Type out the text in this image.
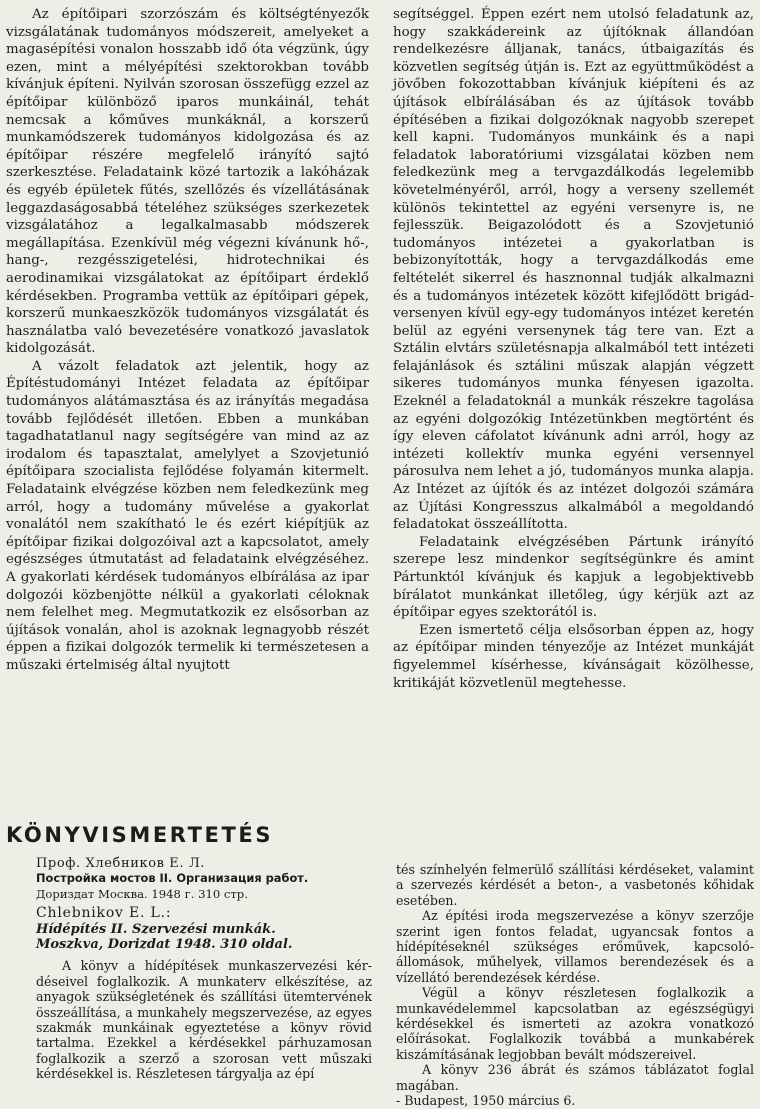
Az építőipari szorzószám és költségtényezők vizsgálatának tudományos módszereit, amelyeket a magasépítési vonalon hosszabb idő óta végzünk, úgy ezen, mint a mélyépítési szektorokban tovább kívánjuk építeni. Nyilván szorosan összefügg ezzel az építőipar különböző iparos munkáinál, tehát nemcsak a kőműves munkáknál, a korszerű munkamódszerek tudományos kidolgozása és az építőipar részére megfelelő irányító sajtó szerkesztése. Feladataink közé tartozik a lakóházak és egyéb épületek fűtés, szellőzés és vízellátásának leggazdaságosabbá tételéhez szükséges szerkezetek vizsgálatához a legalkalmasabb módszerek megállapítása. Ezenkívül még végezni kívánunk hő-, hang-, rezgésszigetelési, hidrotechnikai és aerodinamikai vizsgálatokat az építőipart érdeklő kérdésekben. Programba vettük az építőipari gépek, korszerű munkaeszközök tudományos vizsgálatát és használatba való bevezetésére vonatkozó javaslatok kidolgozását.

A vázolt feladatok azt jelentik, hogy az Építéstudományi Intézet feladata az építőipar tudományos alátámasztása és az irányítás megadása tovább fejlődését illetően. Ebben a munkában tagadhatatlanul nagy segítségére van mind az az irodalom és tapasztalat, amelylyet a Szovjetunió építőipara szocialista fejlődése folyamán kitermelt. Feladataink elvégzése közben nem feledkezünk meg arról, hogy a tudomány művelése a gyakorlat vonalától nem szakítható le és ezért kiépítjük az építőipar fizikai dolgozóival azt a kapcsolatot, amely egészséges útmutatást ad feladataink elvégzéséhez. A gyakorlati kérdések tudományos elbírálása az ipar dolgozói közbenjötte nélkül a gyakorlati céloknak nem felelhet meg. Megmutatkozik ez elsősorban az újítások vonalán, ahol is azoknak legnagyobb részét éppen a fizikai dolgozók termelik ki természetesen a műszaki értelmiség által nyujtott

segítséggel. Éppen ezért nem utolsó feladatunk az, hogy szakkádereink az újítóknak állandóan rendelkezésre álljanak, tanács, útbaigazítás és közvetlen segítség útján is. Ezt az együttműködést a jövőben fokozottabban kívánjuk kiépíteni és az újítások elbírálásában és az újítások tovább építésében a fizikai dolgozóknak nagyobb szerepet kell kapni. Tudományos munkáink és a napi feladatok laboratóriumi vizsgálatai közben nem feledkezünk meg a tervgazdálkodás legelemibb követelményéről, arról, hogy a verseny szellemét különös tekintettel az egyéni versenyre is, ne fejlesszük. Beigazolódott és a Szovjetunió tudományos intézetei a gyakorlatban is bebizonyították, hogy a tervgazdálkodás eme feltételét sikerrel és hasznonnal tudják alkalmazni és a tudományos intézetek között kifejlődött brigádversenyen kívül egy-egy tudományos intézet keretén belül az egyéni versenynek tág tere van. Ezt a Sztálin elvtárs születésnapja alkalmából tett intézeti felajánlások és sztálini műszak alapján végzett sikeres tudományos munka fényesen igazolta. Ezeknél a feladatoknál a munkák részekre tagolása az egyéni dolgozókig Intézetünkben megtörtént és így eleven cáfolatot kívánunk adni arról, hogy az intézeti kollektív munka egyéni versennyel párosulva nem lehet a jó, tudományos munka alapja. Az Intézet az újítók és az intézet dolgozói számára az Újítási Kongresszus alkalmából a megoldandó feladatokat összeállította.

Feladataink elvégzésében Pártunk irányító szerepe lesz mindenkor segítségünkre és amint Pártunktól kívánjuk és kapjuk a legobjektivebb bírálatot munkánkat illetőleg, úgy kérjük azt az építőipar egyes szektorától is.

Ezen ismertető célja elsősorban éppen az, hogy az építőipar minden tényezője az Intézet munkáját figyelemmel kísérhesse, kívánságait közölhesse, kritikáját közvetlenül megtehesse.

KÖNYVISMERTETÉS

Проф. Хлебников Е. Л.

Постройка мостов II. Организация работ.

Дориздат Москва. 1948 г. 310 стр.

Chlebnikov E. L.:

Hídépítés II. Szervezési munkák.

Moszkva, Dorizdat 1948. 310 oldal.

A könyv a hídépítések munkaszervezési kérdéseivel foglalkozik. A munkaterv elkészítése, az anyagok szükségletének és szállítási ütemtervének összeállítása, a munkahely megszervezése, az egyes szakmák munkáinak egyeztetése a könyv rövid tartalma. Ezekkel a kérdésekkel párhuzamosan foglalkozik a szerző a szorosan vett műszaki kérdésekkel is. Részletesen tárgyalja az épí

tés színhelyén felmerülő szállítási kérdéseket, valamint a szervezés kérdését a beton-, a vasbetonés kőhidak esetében.

Az építési iroda megszervezése a könyv szerzője szerint igen fontos feladat, ugyancsak fontos a hídépítéseknél szükséges erőművek, kapcsolóállomások, műhelyek, villamos berendezések és a vízellátó berendezések kérdése.

Végül a könyv részletesen foglalkozik a munkavédelemmel kapcsolatban az egészségügyi kérdésekkel és ismerteti az azokra vonatkozó előírásokat. Foglalkozik továbbá a munkabérek kiszámításának legjobban bevált módszereivel.

A könyv 236 ábrát és számos táblázatot foglal magában.

- Budapest, 1950 március 6.
